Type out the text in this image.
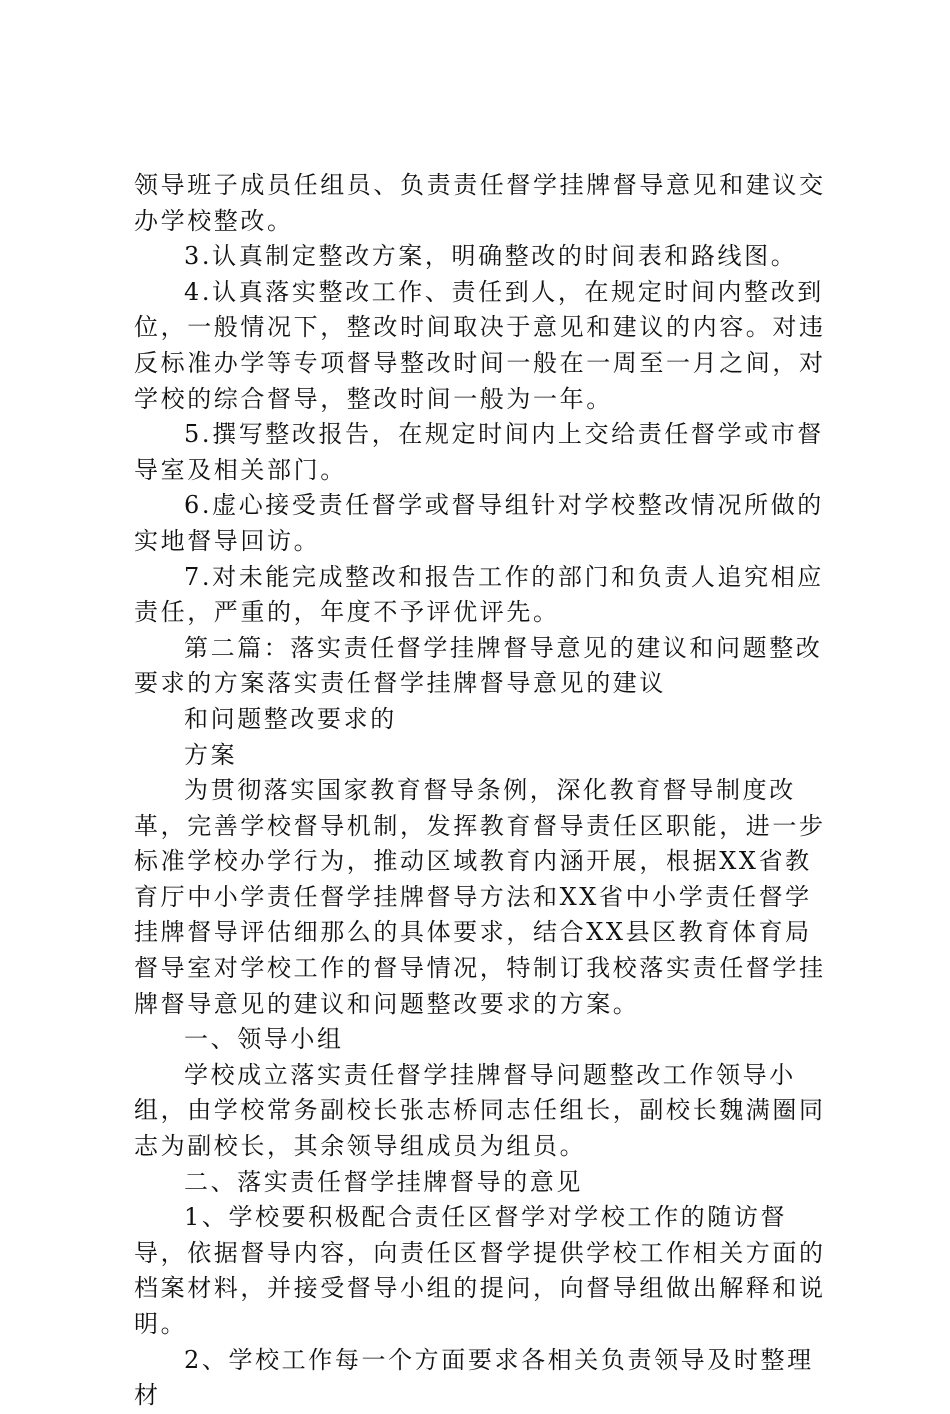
领导班子成员任组员、负责责任督学挂牌督导意见和建议交办学校整改。

3.认真制定整改方案，明确整改的时间表和路线图。

4.认真落实整改工作、责任到人，在规定时间内整改到位，一般情况下，整改时间取决于意见和建议的内容。对违反标准办学等专项督导整改时间一般在一周至一月之间，对学校的综合督导，整改时间一般为一年。

5.撰写整改报告，在规定时间内上交给责任督学或市督导室及相关部门。

6.虚心接受责任督学或督导组针对学校整改情况所做的实地督导回访。

7.对未能完成整改和报告工作的部门和负责人追究相应责任，严重的，年度不予评优评先。

第二篇：落实责任督学挂牌督导意见的建议和问题整改要求的方案落实责任督学挂牌督导意见的建议

和问题整改要求的

方案

为贯彻落实国家教育督导条例，深化教育督导制度改革，完善学校督导机制，发挥教育督导责任区职能，进一步标准学校办学行为，推动区域教育内涵开展，根据XX省教育厅中小学责任督学挂牌督导方法和XX省中小学责任督学挂牌督导评估细那么的具体要求，结合XX县区教育体育局督导室对学校工作的督导情况，特制订我校落实责任督学挂牌督导意见的建议和问题整改要求的方案。

一、领导小组

学校成立落实责任督学挂牌督导问题整改工作领导小组，由学校常务副校长张志桥同志任组长，副校长魏满圈同志为副校长，其余领导组成员为组员。

二、落实责任督学挂牌督导的意见

1、学校要积极配合责任区督学对学校工作的随访督导，依据督导内容，向责任区督学提供学校工作相关方面的档案材料，并接受督导小组的提问，向督导组做出解释和说明。

2、学校工作每一个方面要求各相关负责领导及时整理材
